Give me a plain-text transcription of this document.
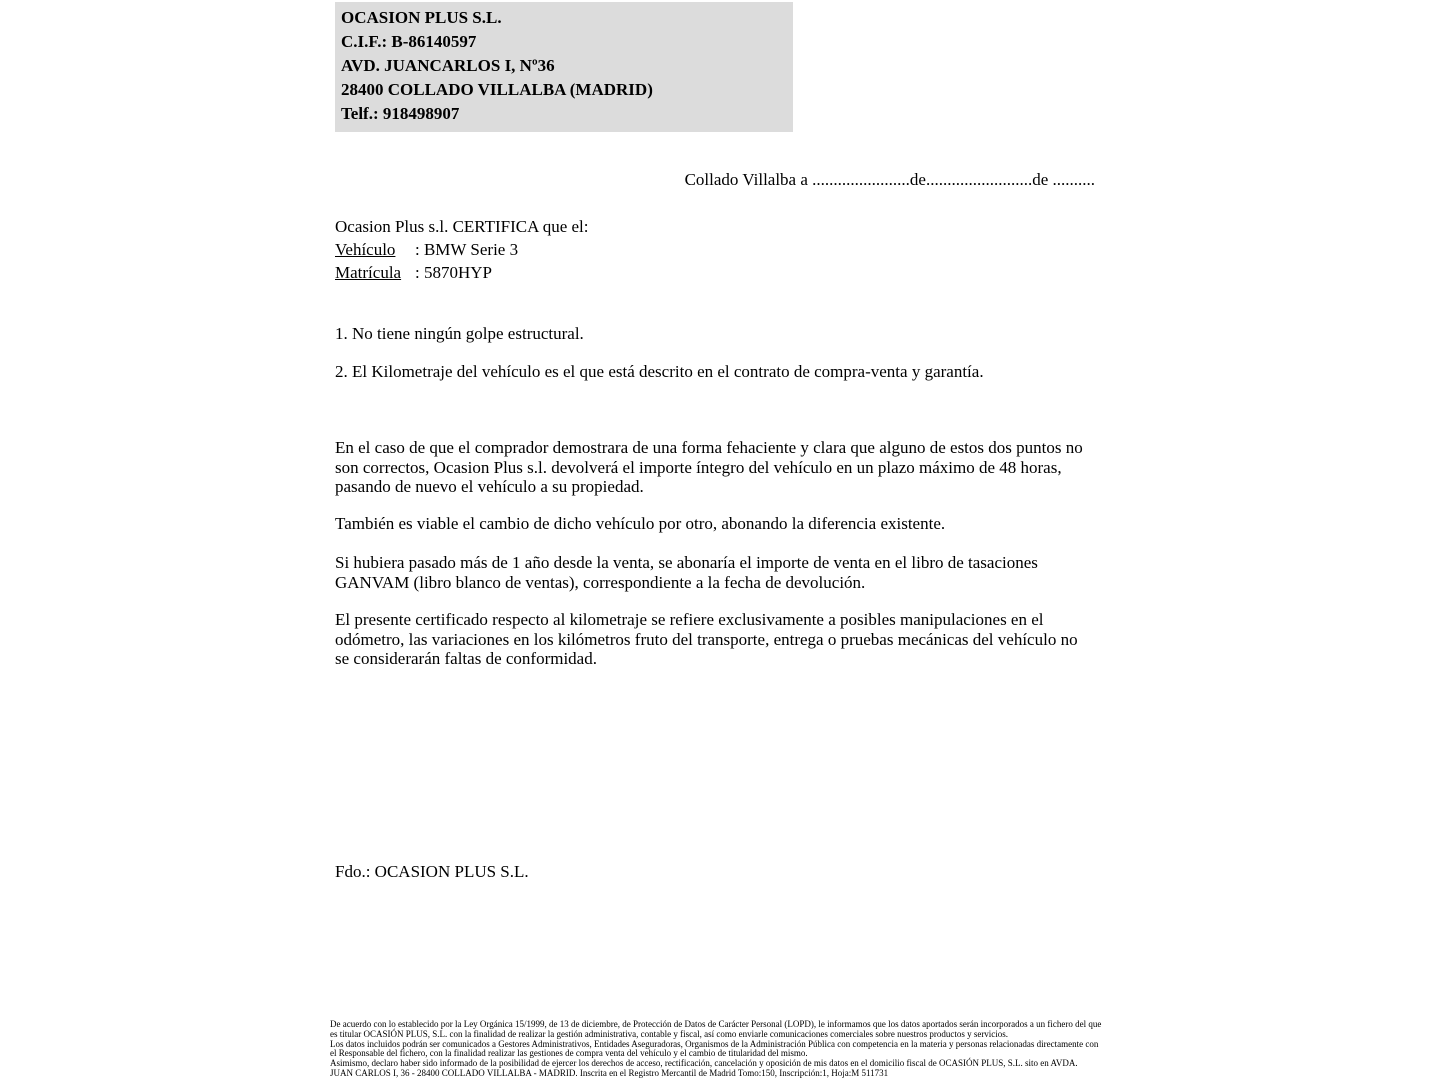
OCASION PLUS S.L.
C.I.F.: B-86140597
AVD. JUANCARLOS I, Nº36
28400 COLLADO VILLALBA (MADRID)
Telf.: 918498907
Collado Villalba a .......................de.........................de ..........
Ocasion Plus s.l. CERTIFICA que el:
Vehículo	: BMW Serie 3
Matrícula : 5870HYP
1. No tiene ningún golpe estructural.
2. El Kilometraje del vehículo es el que está descrito en el contrato de compra-venta y garantía.
En el caso de que el comprador demostrara de una forma fehaciente y clara que alguno de estos dos puntos no son correctos, Ocasion Plus s.l. devolverá el importe íntegro del vehículo en un plazo máximo de 48 horas, pasando de nuevo el vehículo a su propiedad.
También es viable el cambio de dicho vehículo por otro, abonando la diferencia existente.
Si hubiera pasado más de 1 año desde la venta, se abonaría el importe de venta en el libro de tasaciones GANVAM (libro blanco de ventas), correspondiente a la fecha de devolución.
El presente certificado respecto al kilometraje se refiere exclusivamente a posibles manipulaciones en el odómetro, las variaciones en los kilómetros fruto del transporte, entrega o pruebas mecánicas del vehículo no se considerarán faltas de conformidad.
Fdo.: OCASION PLUS S.L.

De acuerdo con lo establecido por la Ley Orgánica 15/1999, de 13 de diciembre, de Protección de Datos de Carácter Personal (LOPD), le informamos que los datos aportados serán incorporados a un fichero del que es titular OCASIÓN PLUS, S.L. con la finalidad de realizar la gestión administrativa, contable y fiscal, así como enviarle comunicaciones comerciales sobre nuestros productos y servicios.

Los datos incluidos podrán ser comunicados a Gestores Administrativos, Entidades Aseguradoras, Organismos de la Administración Pública con competencia en la materia y personas relacionadas directamente con el Responsable del fichero, con la finalidad realizar las gestiones de compra venta del vehículo y el cambio de titularidad del mismo.

Asimismo, declaro haber sido informado de la posibilidad de ejercer los derechos de acceso, rectificación, cancelación y oposición de mis datos en el domicilio fiscal de OCASIÓN PLUS, S.L. sito en AVDA. JUAN CARLOS I, 36 - 28400 COLLADO VILLALBA - MADRID. Inscrita en el Registro Mercantil de Madrid Tomo:150, Inscripción:1, Hoja:M 511731
